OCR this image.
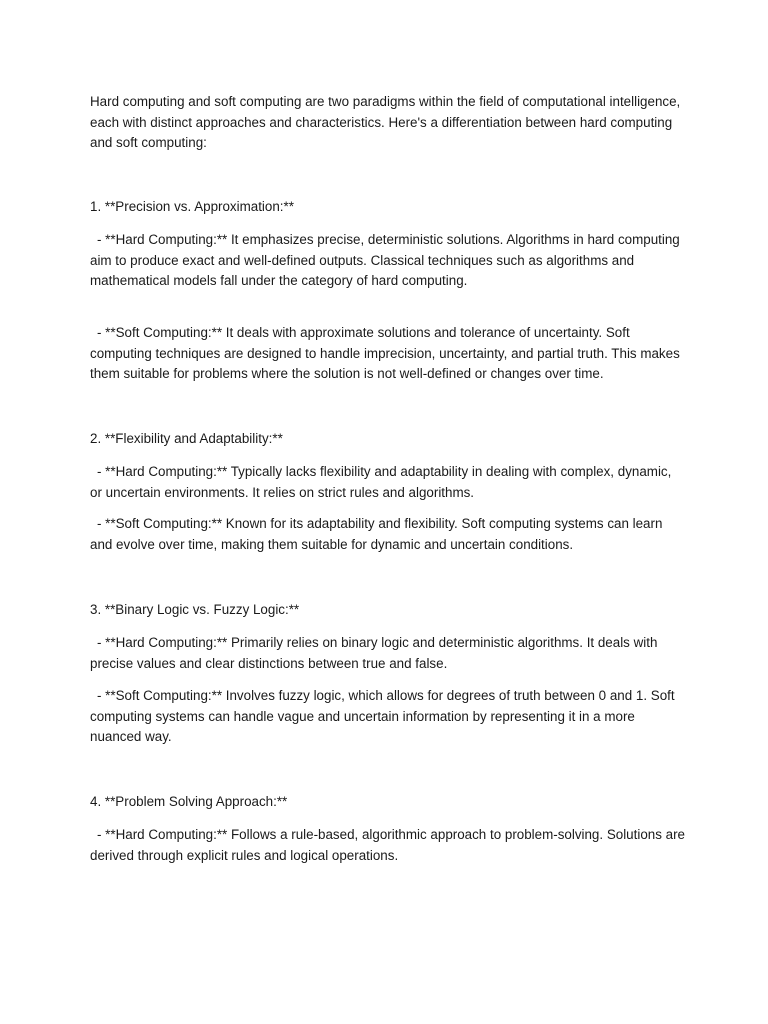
Hard computing and soft computing are two paradigms within the field of computational intelligence, each with distinct approaches and characteristics. Here's a differentiation between hard computing and soft computing:

1. **Precision vs. Approximation:**

- **Hard Computing:** It emphasizes precise, deterministic solutions. Algorithms in hard computing aim to produce exact and well-defined outputs. Classical techniques such as algorithms and mathematical models fall under the category of hard computing.

- **Soft Computing:** It deals with approximate solutions and tolerance of uncertainty. Soft computing techniques are designed to handle imprecision, uncertainty, and partial truth. This makes them suitable for problems where the solution is not well-defined or changes over time.

2. **Flexibility and Adaptability:**

- **Hard Computing:** Typically lacks flexibility and adaptability in dealing with complex, dynamic, or uncertain environments. It relies on strict rules and algorithms.

- **Soft Computing:** Known for its adaptability and flexibility. Soft computing systems can learn and evolve over time, making them suitable for dynamic and uncertain conditions.

3. **Binary Logic vs. Fuzzy Logic:**

- **Hard Computing:** Primarily relies on binary logic and deterministic algorithms. It deals with precise values and clear distinctions between true and false.

- **Soft Computing:** Involves fuzzy logic, which allows for degrees of truth between 0 and 1. Soft computing systems can handle vague and uncertain information by representing it in a more nuanced way.

4. **Problem Solving Approach:**

- **Hard Computing:** Follows a rule-based, algorithmic approach to problem-solving. Solutions are derived through explicit rules and logical operations.
